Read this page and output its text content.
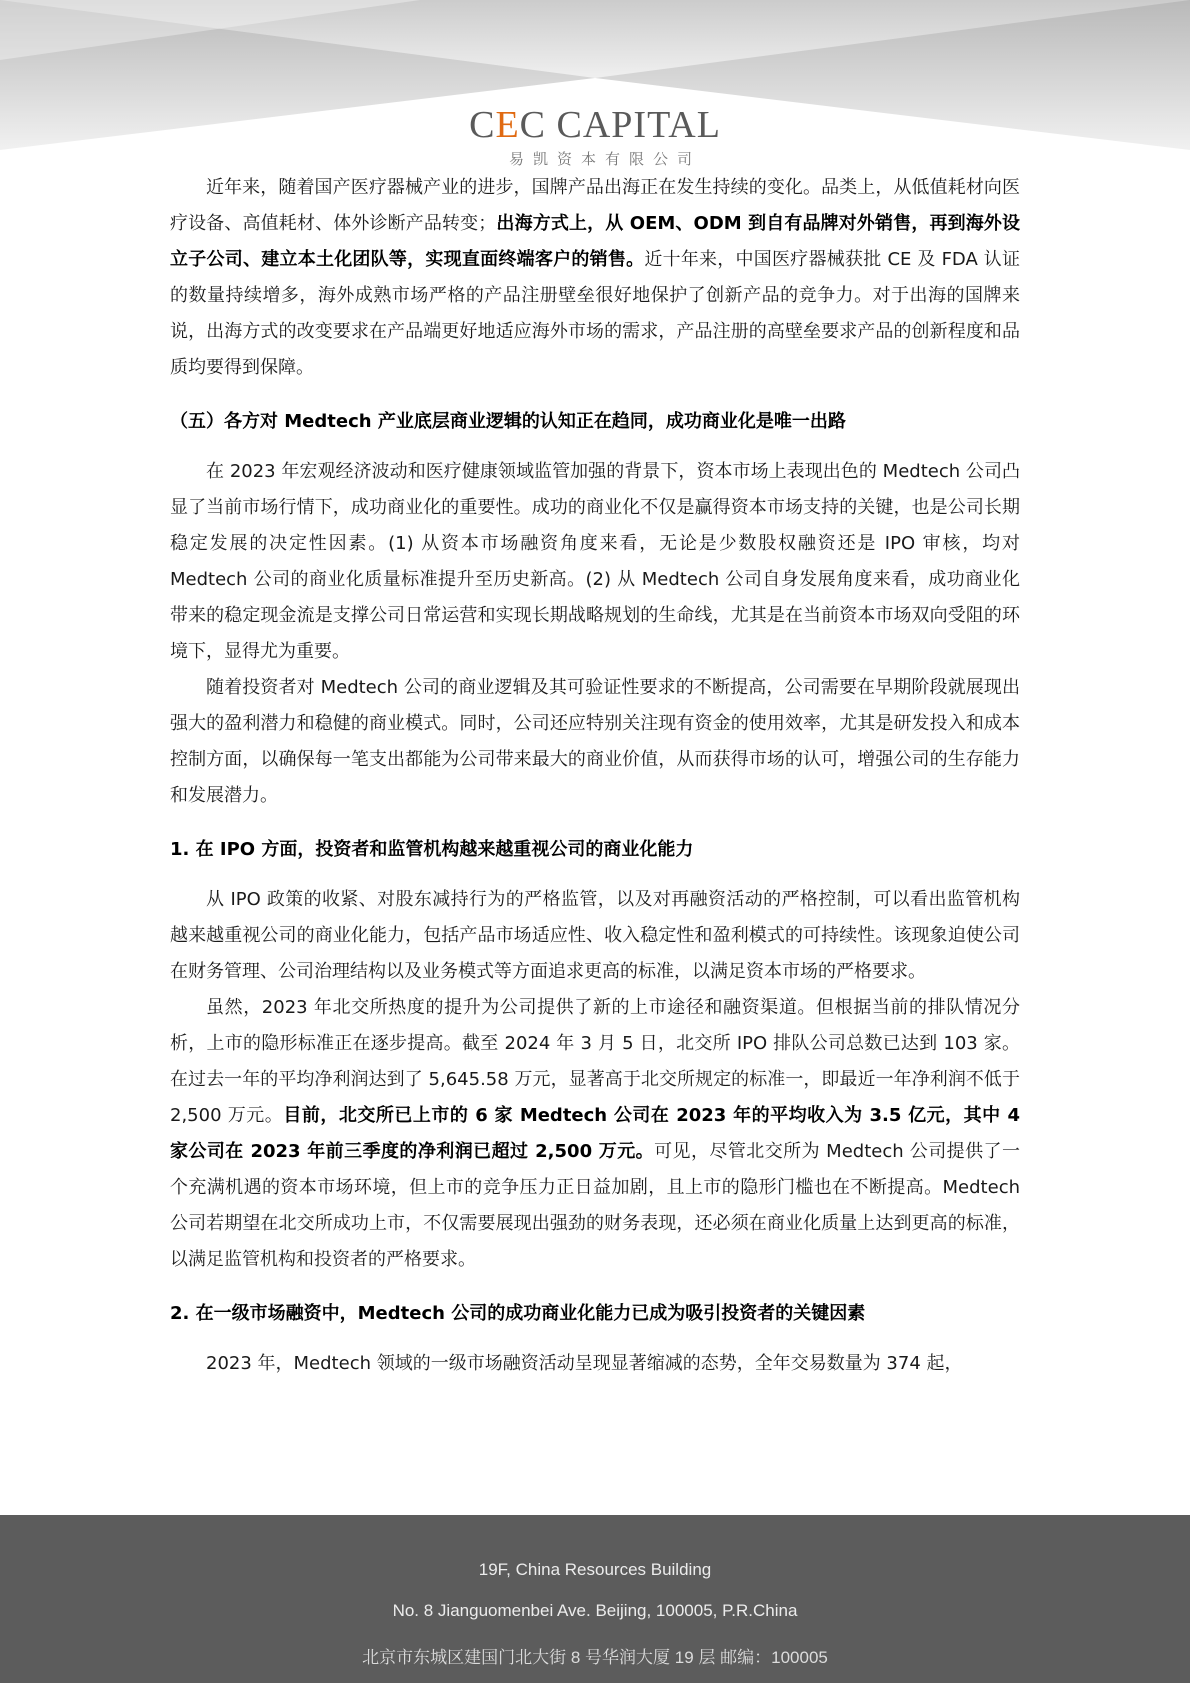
CEC CAPITAL
易凯资本有限公司

近年来，随着国产医疗器械产业的进步，国牌产品出海正在发生持续的变化。品类上，从低值耗材向医疗设备、高值耗材、体外诊断产品转变；出海方式上，从 OEM、ODM 到自有品牌对外销售，再到海外设立子公司、建立本土化团队等，实现直面终端客户的销售。近十年来，中国医疗器械获批 CE 及 FDA 认证的数量持续增多，海外成熟市场严格的产品注册壁垒很好地保护了创新产品的竞争力。对于出海的国牌来说，出海方式的改变要求在产品端更好地适应海外市场的需求，产品注册的高壁垒要求产品的创新程度和品质均要得到保障。

（五）各方对 Medtech 产业底层商业逻辑的认知正在趋同，成功商业化是唯一出路

在 2023 年宏观经济波动和医疗健康领域监管加强的背景下，资本市场上表现出色的 Medtech 公司凸显了当前市场行情下，成功商业化的重要性。成功的商业化不仅是赢得资本市场支持的关键，也是公司长期稳定发展的决定性因素。(1) 从资本市场融资角度来看，无论是少数股权融资还是 IPO 审核，均对 Medtech 公司的商业化质量标准提升至历史新高。(2) 从 Medtech 公司自身发展角度来看，成功商业化带来的稳定现金流是支撑公司日常运营和实现长期战略规划的生命线，尤其是在当前资本市场双向受阻的环境下，显得尤为重要。

随着投资者对 Medtech 公司的商业逻辑及其可验证性要求的不断提高，公司需要在早期阶段就展现出强大的盈利潜力和稳健的商业模式。同时，公司还应特别关注现有资金的使用效率，尤其是研发投入和成本控制方面，以确保每一笔支出都能为公司带来最大的商业价值，从而获得市场的认可，增强公司的生存能力和发展潜力。

1. 在 IPO 方面，投资者和监管机构越来越重视公司的商业化能力

从 IPO 政策的收紧、对股东减持行为的严格监管，以及对再融资活动的严格控制，可以看出监管机构越来越重视公司的商业化能力，包括产品市场适应性、收入稳定性和盈利模式的可持续性。该现象迫使公司在财务管理、公司治理结构以及业务模式等方面追求更高的标准，以满足资本市场的严格要求。

虽然，2023 年北交所热度的提升为公司提供了新的上市途径和融资渠道。但根据当前的排队情况分析，上市的隐形标准正在逐步提高。截至 2024 年 3 月 5 日，北交所 IPO 排队公司总数已达到 103 家。在过去一年的平均净利润达到了 5,645.58 万元，显著高于北交所规定的标准一，即最近一年净利润不低于 2,500 万元。目前，北交所已上市的 6 家 Medtech 公司在 2023 年的平均收入为 3.5 亿元，其中 4 家公司在 2023 年前三季度的净利润已超过 2,500 万元。可见，尽管北交所为 Medtech 公司提供了一个充满机遇的资本市场环境，但上市的竞争压力正日益加剧，且上市的隐形门槛也在不断提高。Medtech 公司若期望在北交所成功上市，不仅需要展现出强劲的财务表现，还必须在商业化质量上达到更高的标准，以满足监管机构和投资者的严格要求。

2. 在一级市场融资中，Medtech 公司的成功商业化能力已成为吸引投资者的关键因素

2023 年，Medtech 领域的一级市场融资活动呈现显著缩减的态势，全年交易数量为 374 起，

19F, China Resources Building
No. 8 Jianguomenbei Ave. Beijing, 100005, P.R.China
北京市东城区建国门北大街 8 号华润大厦 19 层 邮编：100005
